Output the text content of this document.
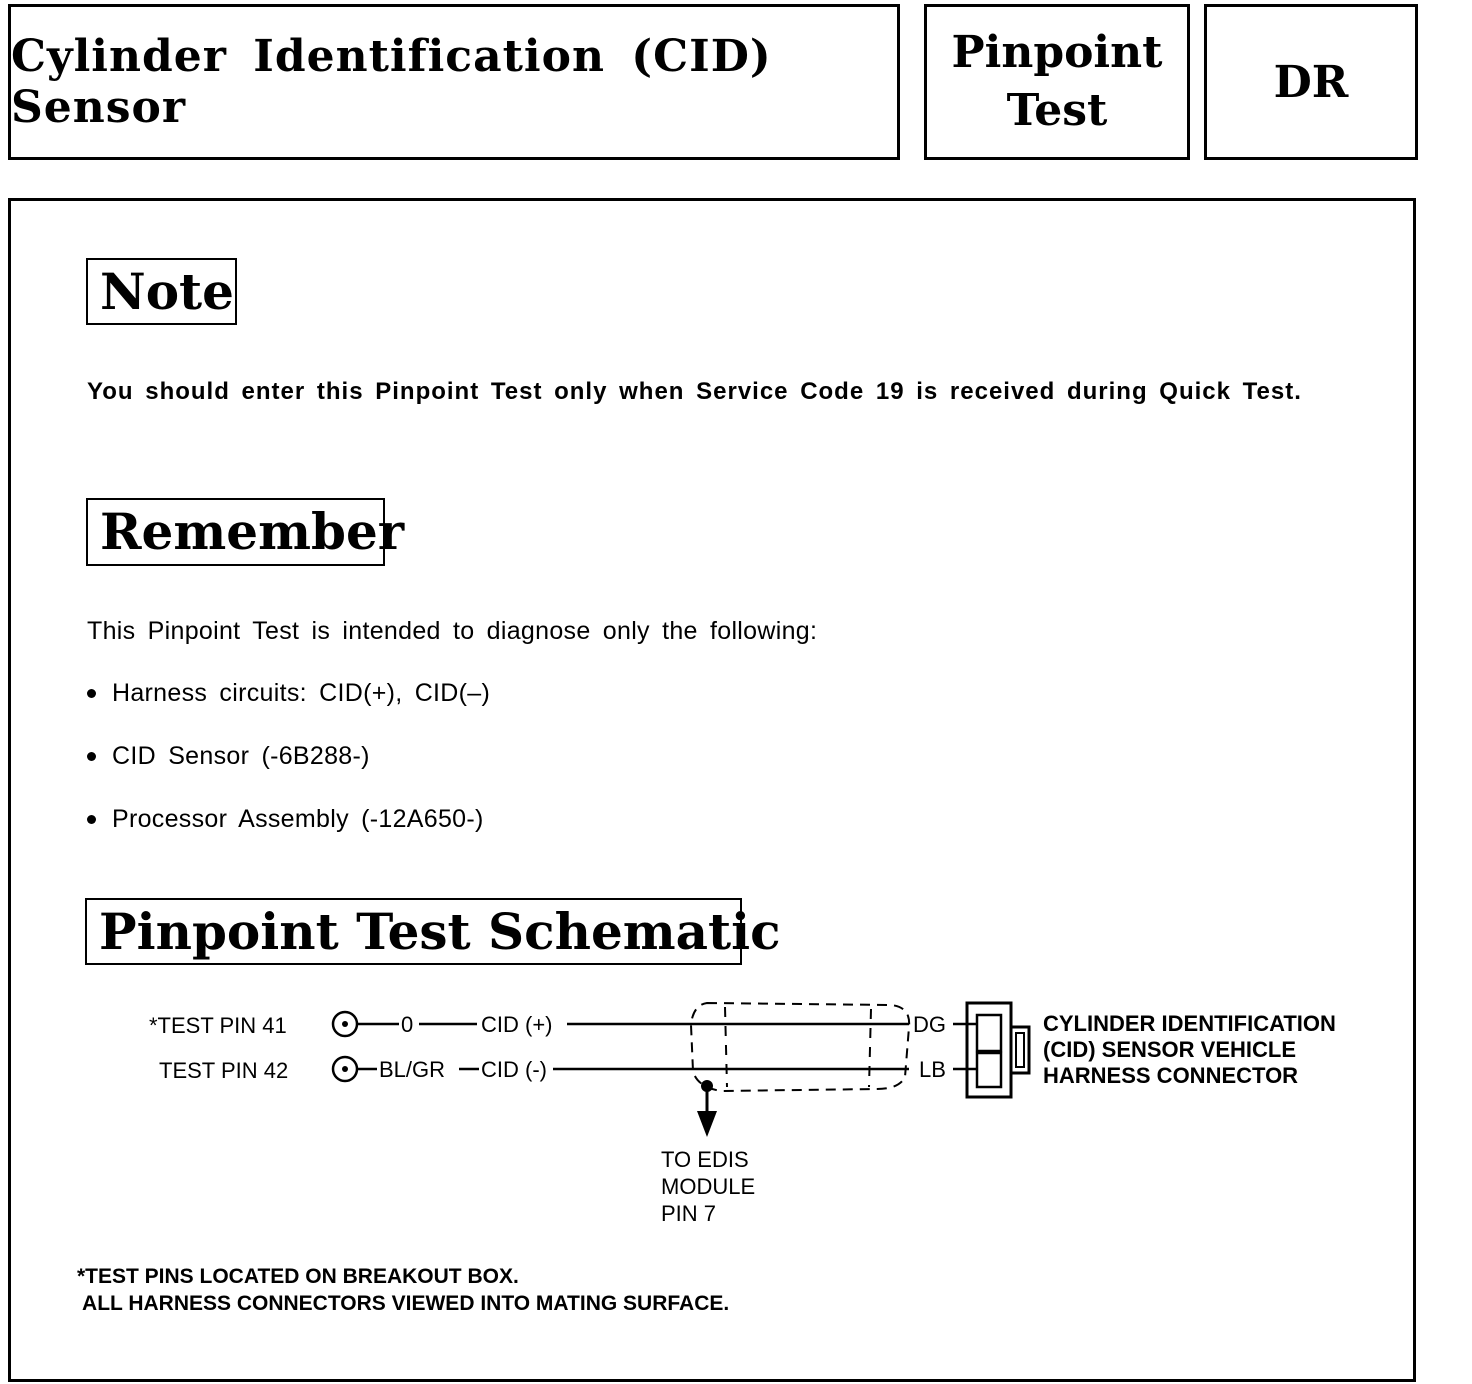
Cylinder Identification (CID) Sensor
Pinpoint
Test
DR
Note
You should enter this Pinpoint Test only when Service Code 19 is received during Quick Test.
Remember
This Pinpoint Test is intended to diagnose only the following:
Harness circuits: CID(+), CID(–)
CID Sensor (-6B288-)
Processor Assembly (-12A650-)
Pinpoint Test Schematic
*TEST PIN 41
TEST PIN 42
0	CID (+)	DG
BL/GR CID (-)	LB
TO EDIS
MODULE
PIN 7
CYLINDER IDENTIFICATION
(CID) SENSOR VEHICLE
HARNESS CONNECTOR
*TEST PINS LOCATED ON BREAKOUT BOX.
ALL HARNESS CONNECTORS VIEWED INTO MATING SURFACE.
